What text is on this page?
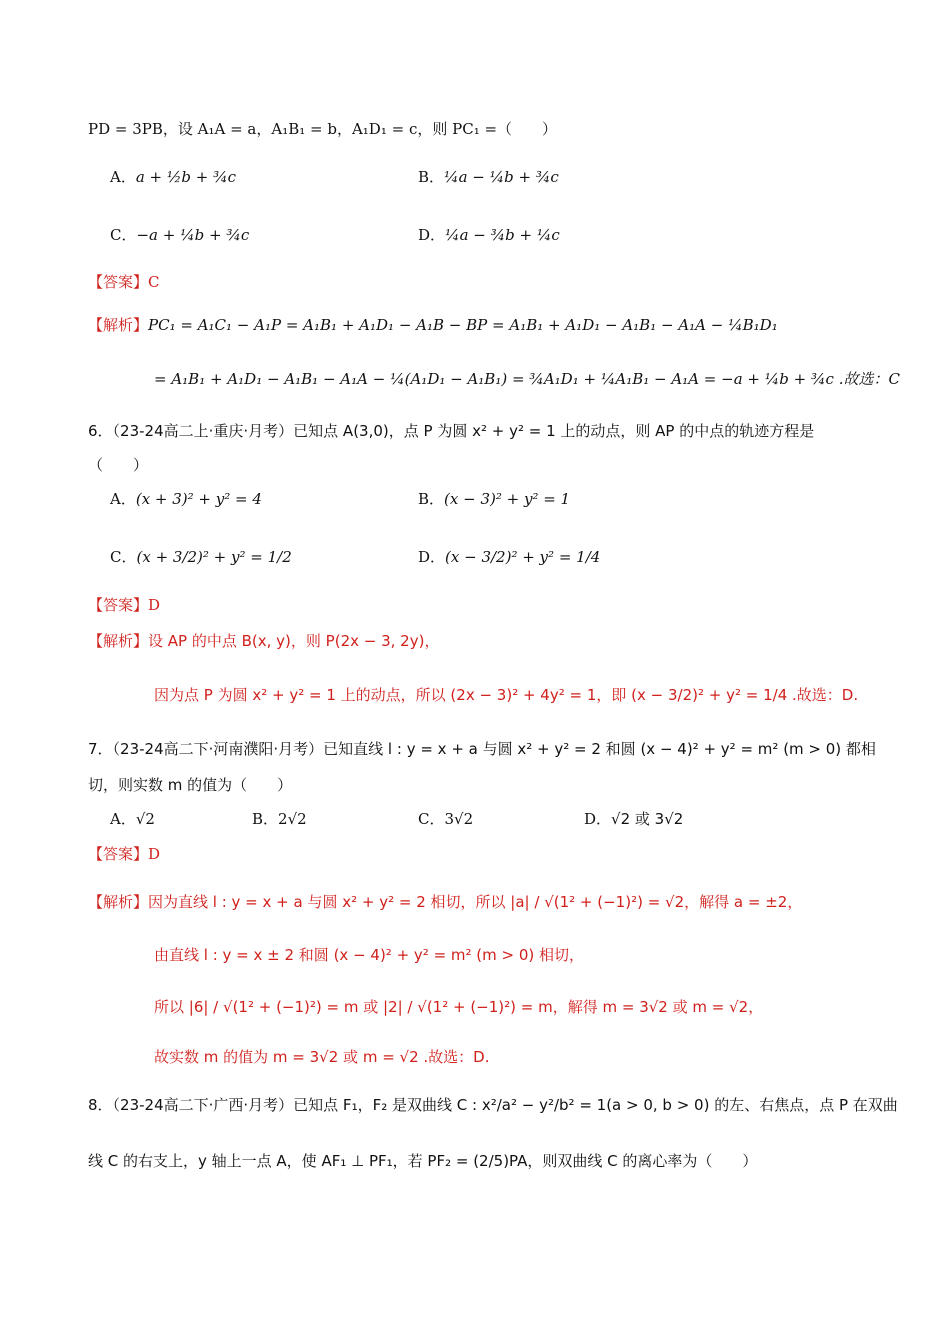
PD = 3PB，设 A₁A = a，A₁B₁ = b，A₁D₁ = c，则 PC₁ =（　　）
A．a + ½b + ¾c	B．¼a − ¼b + ¾c
C．−a + ¼b + ¾c	D．¼a − ¾b + ¼c
【答案】C
【解析】PC₁ = A₁C₁ − A₁P = A₁B₁ + A₁D₁ − A₁B − BP = A₁B₁ + A₁D₁ − A₁B₁ − A₁A − ¼B₁D₁
= A₁B₁ + A₁D₁ − A₁B₁ − A₁A − ¼(A₁D₁ − A₁B₁) = ¾A₁D₁ + ¼A₁B₁ − A₁A = −a + ¼b + ¾c .故选：C
6．（23-24高二上·重庆·月考）已知点 A(3,0)，点 P 为圆 x² + y² = 1 上的动点，则 AP 的中点的轨迹方程是
（　　）
A．(x + 3)² + y² = 4	B．(x − 3)² + y² = 1
C．(x + 3/2)² + y² = 1/2	D．(x − 3/2)² + y² = 1/4
【答案】D
【解析】设 AP 的中点 B(x, y)，则 P(2x − 3, 2y)，
因为点 P 为圆 x² + y² = 1 上的动点，所以 (2x − 3)² + 4y² = 1，即 (x − 3/2)² + y² = 1/4 .故选：D.
7．（23-24高二下·河南濮阳·月考）已知直线 l : y = x + a 与圆 x² + y² = 2 和圆 (x − 4)² + y² = m² (m > 0) 都相
切，则实数 m 的值为（　　）
A．√2	B．2√2	C．3√2	D．√2 或 3√2
【答案】D
【解析】因为直线 l : y = x + a 与圆 x² + y² = 2 相切，所以 |a| / √(1² + (−1)²) = √2，解得 a = ±2，
由直线 l : y = x ± 2 和圆 (x − 4)² + y² = m² (m > 0) 相切，
所以 |6| / √(1² + (−1)²) = m 或 |2| / √(1² + (−1)²) = m，解得 m = 3√2 或 m = √2，
故实数 m 的值为 m = 3√2 或 m = √2 .故选：D.
8．（23-24高二下·广西·月考）已知点 F₁，F₂ 是双曲线 C : x²/a² − y²/b² = 1(a > 0, b > 0) 的左、右焦点，点 P 在双曲
线 C 的右支上，y 轴上一点 A，使 AF₁ ⊥ PF₁，若 PF₂ = (2/5)PA，则双曲线 C 的离心率为（　　）
